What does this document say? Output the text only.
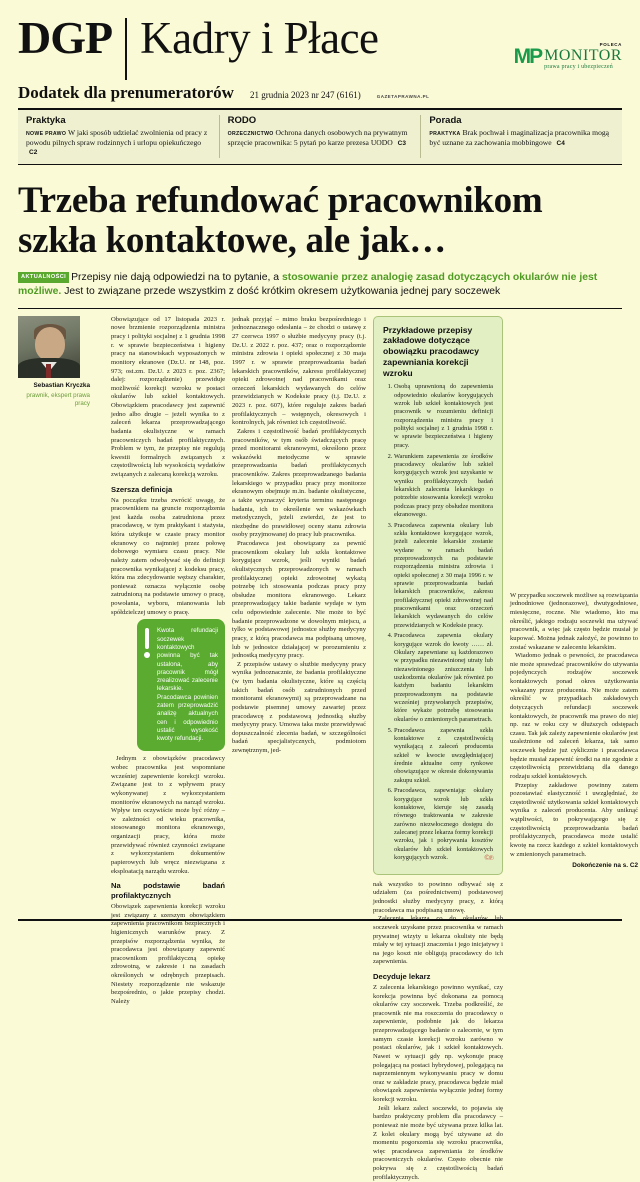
DGP Kadry i Płace	POLECA
MP MONITOR
prawa pracy i ubezpieczeń
Dodatek dla prenumeratorów 21 grudnia 2023 nr 247 (6161)	GAZETAPRAWNA.PL
Praktyka
NOWE PRAWO W jaki sposób udzielać zwolnienia od pracy z powodu pilnych spraw rodzinnych i urlopu opiekuńczego C2
RODO
ORZECZNICTWO Ochrona danych osobowych na prywatnym sprzęcie pracownika: 5 pytań po karze prezesa UODO C3
Porada
PRAKTYKA Brak pochwał i maginalizacja pracownika mogą być uznane za zachowania mobbingowe C4
Trzeba refundować pracownikom szkła kontaktowe, ale jak…
AKTUALNOŚCI Przepisy nie dają odpowiedzi na to pytanie, a stosowanie przez analogię zasad dotyczących okularów nie jest możliwe. Jest to związane przede wszystkim z dość krótkim okresem użytkowania jednej pary soczewek
Sebastian Kryczka
prawnik, ekspert prawa pracy

Obowiązujące od 17 listopada 2023 r. nowe brzmienie rozporządzenia ministra pracy i polityki socjalnej z 1 grudnia 1998 r. w sprawie bezpieczeństwa i higieny pracy na stanowiskach wyposażonych w monitory ekranowe (Dz.U. nr 148, poz. 973; ost.zm. Dz.U. z 2023 r. poz. 2367; dalej: rozporządzenie) przewiduje możliwość korekcji wzroku w postaci okularów lub szkieł kontaktowych. Obowiązkiem pracodawcy jest zapewnić jedno albo drugie – jeżeli wynika to z zaleceń lekarza przeprowadzającego badania okulistyczne w ramach pracowniczych badań profilaktycznych. Problem w tym, że przepisy nie regulują kwestii formalnych związanych z częstotliwością lub wysokością wydatków związanych z zalecaną korekcją wzroku.

Szersza definicja

Na początku trzeba zwrócić uwagę, że pracownikiem na gruncie rozporządzenia jest każda osoba zatrudniona przez pracodawcę, w tym praktykant i stażysta, która użytkuje w czasie pracy monitor ekranowy co najmniej przez połowę dobowego wymiaru czasu pracy. Nie należy zatem odwoływać się do definicji pracownika wynikającej z kodeksu pracy, która ma zdecydowanie węższy charakter, ponieważ oznacza wyłącznie osobę zatrudnioną na podstawie umowy o pracę, powołania, wyboru, mianowania lub spółdzielczej umowy o pracę.

Kwota refundacji soczewek kontaktowych powinna być tak ustalona, aby pracownik mógł zrealizować zalecenie lekarskie. Pracodawca powinien zatem przeprowadzić analizę aktualnych cen i odpowiednio ustalić wysokość kwoty refundacji.

Jednym z obowiązków pracodawcy wobec pracownika jest wspomniane wcześniej zapewnienie korekcji wzroku. Związane jest to z wpływem pracy wykonywanej z wykorzystaniem monitorów ekranowych na narząd wzroku. Wpływ ten oczywiście może być różny – w zależności od wieku pracownika, stosowanego monitora ekranowego, organizacji pracy, która może przewidywać również czynności związane z wykorzystaniem dokumentów papierowych lub wręcz niezwiązana z eksploatacją narządu wzroku.

Na podstawie badań profilaktycznych

Obowiązek zapewnienia korekcji wzroku jest związany z szerszym obowiązkiem zapewnienia pracownikom bezpiecznych i higienicznych warunków pracy. Z przepisów rozporządzenia wynika, że pracodawca jest obowiązany zapewnić pracownikom profilaktyczną opiekę zdrowotną, w zakresie i na zasadach określonych w odrębnych przepisach. Niestety rozporządzenie nie wskazuje bezpośrednio, o jakie przepisy chodzi. Należy

jednak przyjąć – mimo braku bezpośredniego i jednoznacznego odesłania – że chodzi o ustawę z 27 czerwca 1997 o służbie medycyny pracy (t.j. Dz.U. z 2022 r. poz. 437; oraz o rozporządzenie ministra zdrowia i opieki społecznej z 30 maja 1997 r. w sprawie przeprowadzania badań lekarskich pracowników, zakresu profilaktycznej opieki zdrowotnej nad pracownikami oraz orzeczeń lekarskich wydawanych do celów przewidzianych w Kodeksie pracy (t.j. Dz.U. z 2023 r. poz. 607), które reguluje zakres badań profilaktycznych – wstępnych, okresowych i kontrolnych, jak również ich częstotliwość.

Zakres i częstotliwość badań profilaktycznych pracowników, w tym osób świadczących pracę przed monitorami ekranowymi, określono przez wskazówki metodyczne w sprawie przeprowadzania badań profilaktycznych pracowników. Zakres przeprowadzanego badania lekarskiego w przypadku pracy przy monitorze ekranowym obejmuje m.in. badanie okulistyczne, a także wyznaczyć kryteria terminu następnego badania, ich to określenie we wskazówkach metodycznych, jeżeli zwierdzi, że jest to niezbędne do prawidłowej oceny stanu zdrowia osoby przyjmowanej do pracy lub pracownika.

Pracodawca jest obowiązany za pewnić pracownikom okulary lub szkła kontaktowe korygujące wzrok, jeśli wyniki badań okulistycznych przeprowadzonych w ramach profilaktycznej opieki zdrowotnej wykażą potrzebę ich stosowania podczas pracy przy obsłudze monitora ekranowego. Lekarz przeprowadzający takie badanie wydaje w tym celu odpowiednie zalecenie. Nie może to być badanie przeprowadzone w dowolnym miejscu, a tylko w podstawowej jednostce służby medycyny pracy, z którą pracodawca ma podpisaną umowę, lub w jednostce działającej w porozumieniu z jednostką medycyny pracy.

Z przepisów ustawy o służbie medycyny pracy wynika jednoznacznie, że badania profilaktyczne (w tym badania okulistyczne, które są częścią takich badań osób zatrudnionych przed monitorami ekranowymi) są przeprowadzane na podstawie pisemnej umowy zawartej przez pracodawcę z podstawową jednostką służby medycyny pracy. Umowa taka może przewidywać dopuszczalność zlecenia badań, w szczególności badań specjalistycznych, podmiotom zewnętrznym, jed-

Przykładowe przepisy zakładowe dotyczące obowiązku pracodawcy zapewniania korekcji wzroku
1. Osobą uprawnioną do zapewnienia odpowiednio okularów korygujących wzrok lub szkieł kontaktowych jest pracownik w rozumieniu definicji rozporządzenia ministra pracy i polityki socjalnej z 1 grudnia 1998 r. w sprawie bezpieczeństwa i higieny pracy.
2. Warunkiem zapewnienia ze środków pracodawcy okularów lub szkieł korygujących wzrok jest uzyskanie w wyniku profilaktycznych badań lekarskich zalecenia lekarskiego o potrzebie stosowania korekcji wzroku podczas pracy przy obsłudze monitora ekranowego.
3. Pracodawca zapewnia okulary lub szkła kontaktowe korygujące wzrok, jeżeli zalecenie lekarskie zostanie wydane w ramach badań przeprowadzonych na podstawie rozporządzenia ministra zdrowia i opieki społecznej z 30 maja 1996 r. w sprawie przeprowadzania badań lekarskich pracowników, zakresu profilaktycznej opieki zdrowotnej nad pracownikami oraz orzeczeń lekarskich wydawanych do celów przewidzianych w Kodeksie pracy.
4. Pracodawca zapewnia okulary korygujące wzrok do kwoty …… zł. Okulary zapewniane są każdorazowo w przypadku niezawinionej utraty lub niezawinionego zniszczenia lub uszkodzenia okularów jak również po każdym badaniu lekarskim przeprowadzonym na podstawie wcześniej przywołanych przepisów, które wykaże potrzebę stosowania okularów o zmienionych parametrach.
5. Pracodawca zapewnia szkła kontaktowe z częstotliwością wynikającą z zaleceń producenta szkieł w kwocie uwzględniającej średnie aktualne ceny rynkowe obowiązujące w okresie dokonywania zakupu szkieł.
6. Pracodawca, zapewniając okulary korygujące wzrok lub szkła kontaktowe, kieruje się zasadą równego traktowania w zakresie zarówno niezwłocznego dostępu do zalecanej przez lekarza formy korekcji wzroku, jak i pokrywania kosztów okularów lub szkieł kontaktowych korygujących wzrok.	©℗

nak wszystko to powinno odbywać się z udziałem (za pośrednictwem) podstawowej jednostki służby medycyny pracy, z którą pracodawca ma podpisaną umowę.

Zalecenia lekarza co do okularów lub soczewek uzyskane przez pracownika w ramach prywatnej wizyty u lekarza okulisty nie będą miały w tej sytuacji znaczenia i jego inicjatywy i na jego koszt nie obligują pracodawcy do ich zapewnienia.

Decyduje lekarz

Z zalecenia lekarskiego powinno wynikać, czy korekcja powinna być dokonana za pomocą okularów czy soczewek. Trzeba podkreślić, że pracownik nie ma roszczenia do pracodawcy o zapewnienie, podobnie jak do lekarza przeprowadzającego badanie o zalecenie, w tym samym czasie korekcji wzroku zarówno w postaci okularów, jak i szkieł kontaktowych. Nawet w sytuacji gdy np. wykonuje pracę polegającą na postaci hybrydowej, polegającą na naprzemiennym wykonywaniu pracy w domu oraz w zakładzie pracy, pracodawca będzie miał obowiązek zapewnienia wyłącznie jednej formy korekcji wzroku.

Jeśli lekarz zaleci soczewki, to pojawia się bardzo praktyczny problem dla pracodawcy – ponieważ nie może być używana przez kilka lat. Z kolei okulary mogą być używane aż do momentu pogorszenia się wzroku pracownika, więc pracodawca zapewniania że środków pracowniczych okularów. Często obecnie nie pokrywa się z częstotliwością badań profilaktycznych.

W przypadku soczewek możliwe są rozwiązania jednodniowe (jednorazowe), dwutygodniowe, miesięczne, roczne. Nie wiadomo, kto ma określić, jakiego rodzaju soczewki ma używać pracownik, a więc jak często będzie musiał je kupować. Można jednak założyć, że powinno to zostać wskazane w zaleceniu lekarskim.

Wiadomo jednak o pewności, że pracodawca nie może sprawdzać pracowników do używania pojedynczych rodzajów soczewek kontaktowych ponad okres użytkowania wskazany przez producenta. Nie może zatem określić w przypadkach zakładowych dotyczących refundacji soczewek kontaktowych, że pracownik ma prawo do niej np. raz w roku czy w dłuższych odstępach czasu. Tak jak zależy zapewnienie okularów jest uzależnione od zaleceń lekarza, tak samo soczewek będzie już cyklicznie i pracodawca będzie musiał zapewnić środki na nie zgodnie z częstotliwością przewidzianą dla danego rodzaju szkieł kontaktowych.

Przepisy zakładowe powinny zatem pozostawiać elastyczność i uwzględniać, że częstotliwość użytkowania szkieł kontaktowych wynika z zaleceń producenta. Aby uniknąć wątpliwości, to pokrywającego się z częstotliwością przeprowadzania badań profilaktycznych, pracodawca może ustalić kwotę na rzecz każdego z szkieł kontaktowych w zmienionych parametrach.

Dokończenie na s. C2
